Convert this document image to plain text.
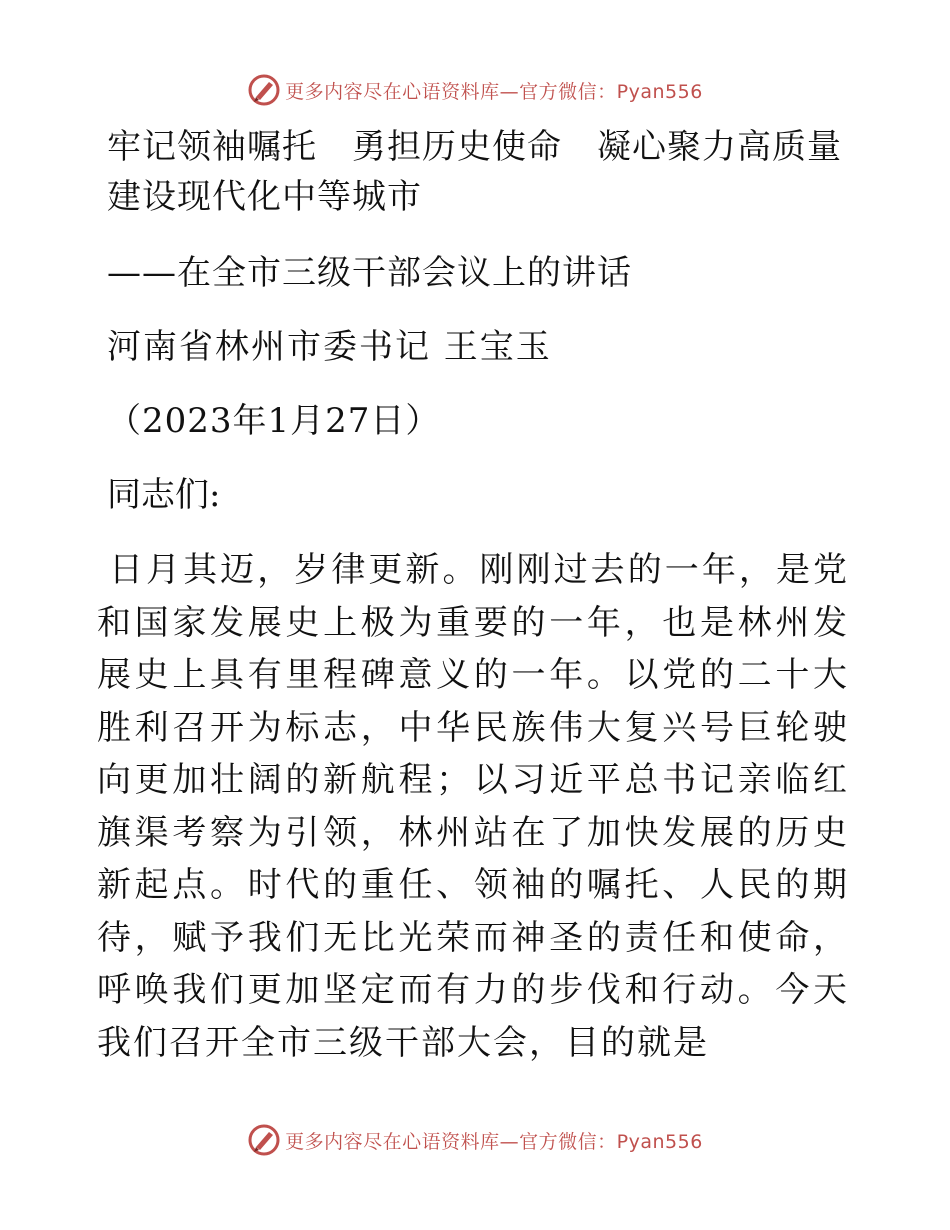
更多内容尽在心语资料库—官方微信：Pyan556
牢记领袖嘱托　勇担历史使命　凝心聚力高质量建设现代化中等城市

——在全市三级干部会议上的讲话

河南省林州市委书记 王宝玉

（2023年1月27日）

同志们:

日月其迈，岁律更新。刚刚过去的一年，是党和国家发展史上极为重要的一年，也是林州发展史上具有里程碑意义的一年。以党的二十大胜利召开为标志，中华民族伟大复兴号巨轮驶向更加壮阔的新航程；以习近平总书记亲临红旗渠考察为引领，林州站在了加快发展的历史新起点。时代的重任、领袖的嘱托、人民的期待，赋予我们无比光荣而神圣的责任和使命，呼唤我们更加坚定而有力的步伐和行动。今天我们召开全市三级干部大会，目的就是

更多内容尽在心语资料库—官方微信：Pyan556
